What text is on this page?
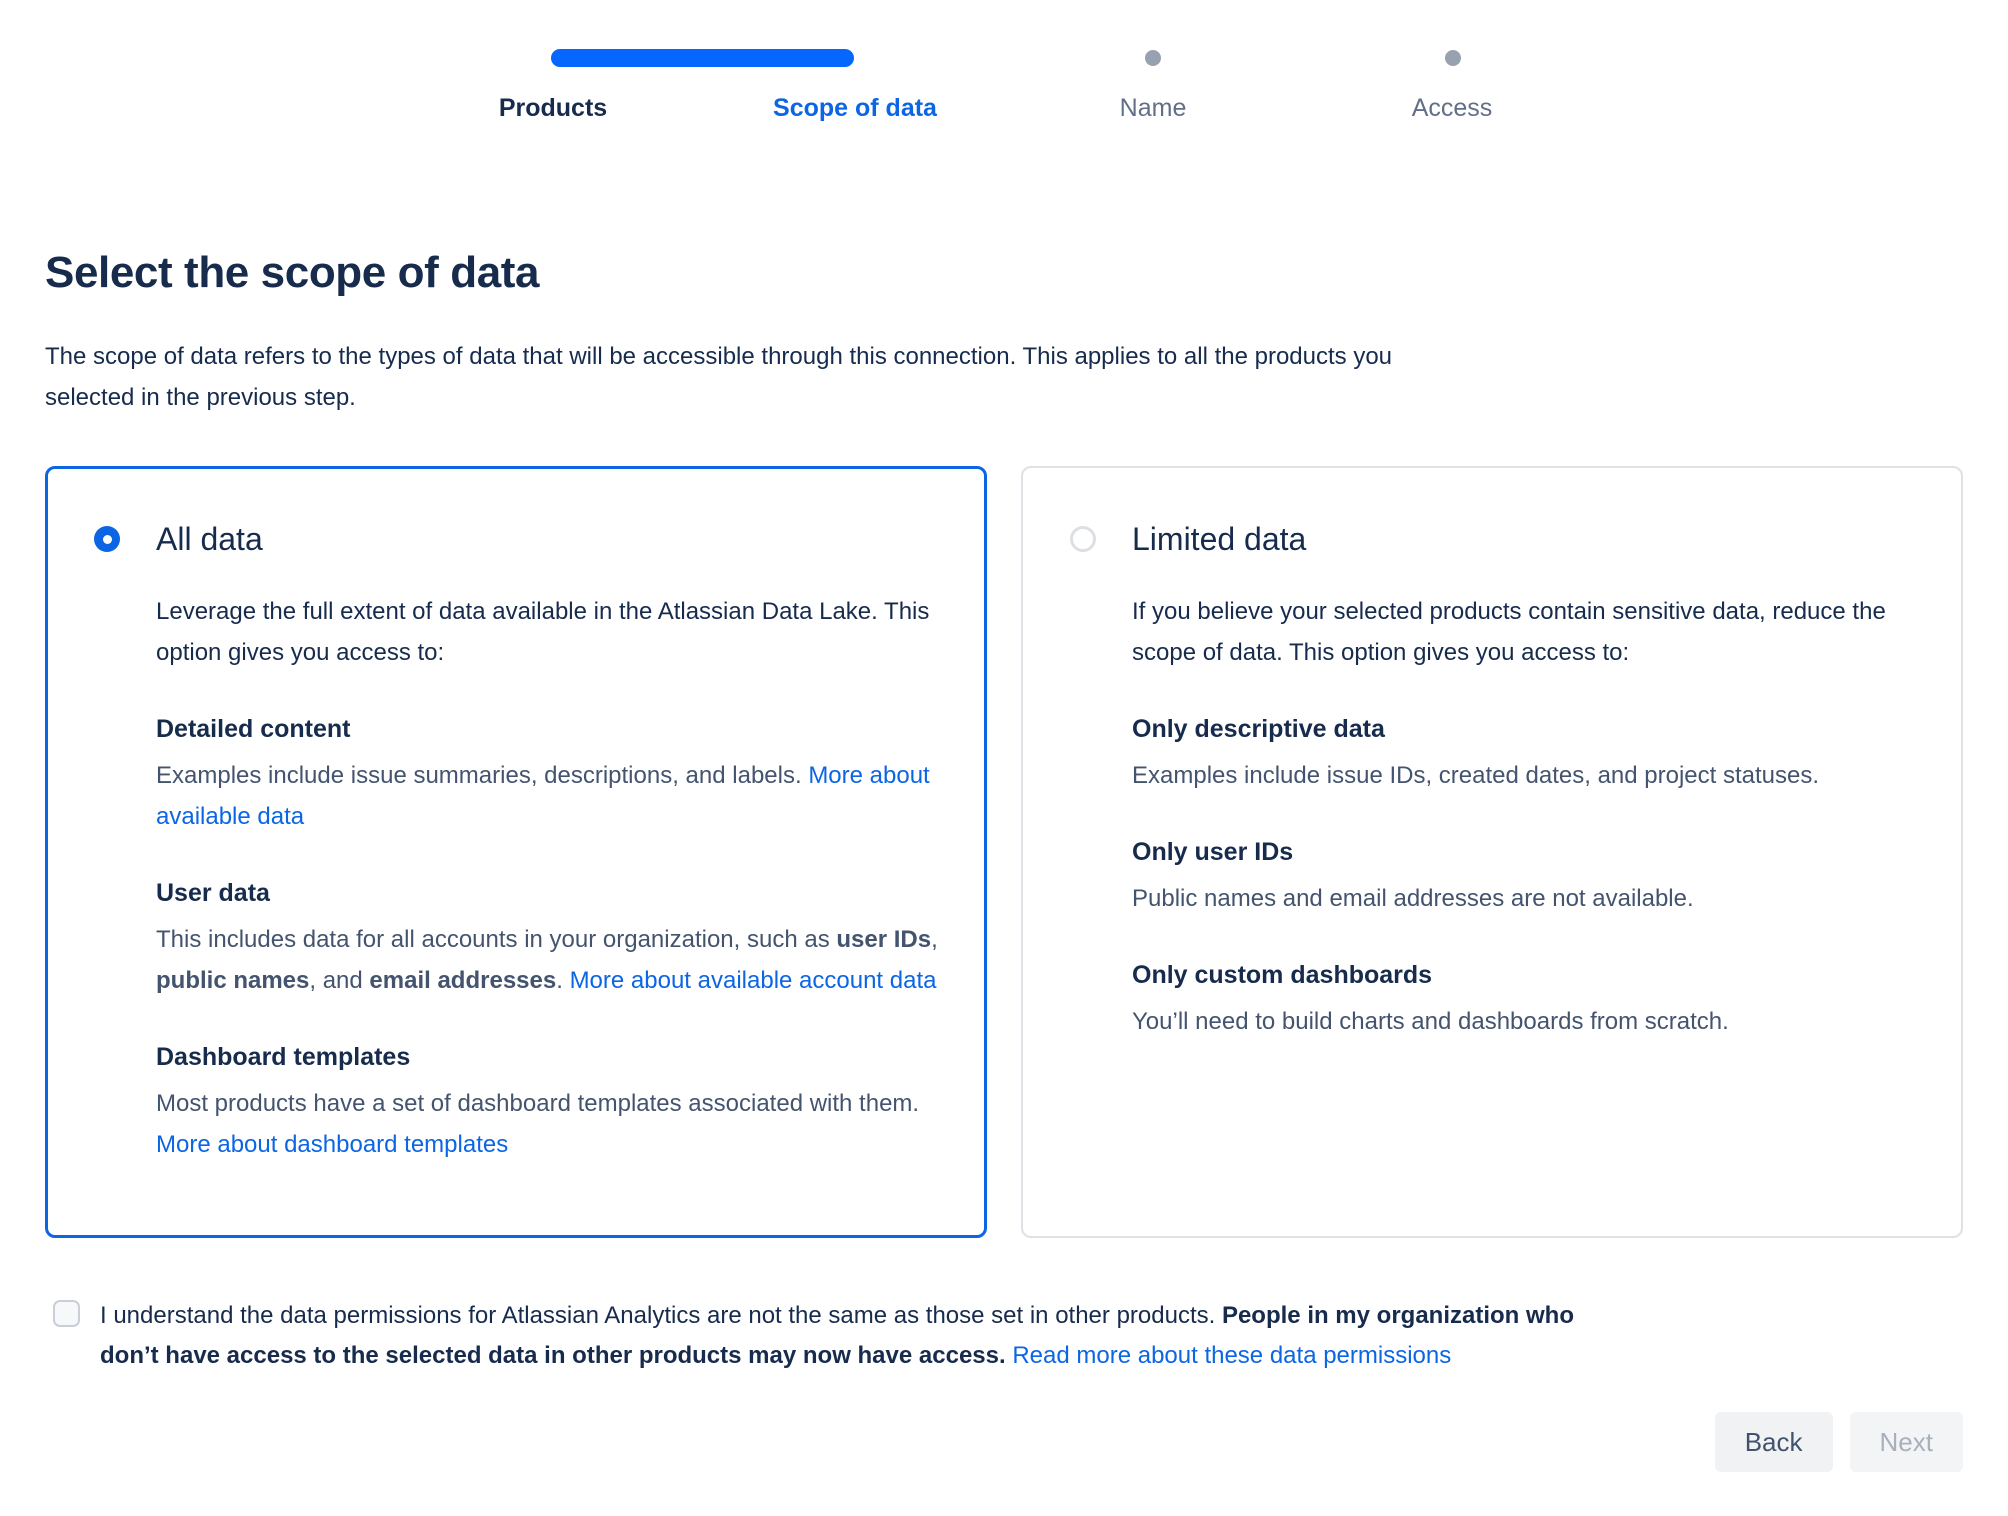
Products	Scope of data	Name	Access
Select the scope of data

The scope of data refers to the types of data that will be accessible through this connection. This applies to all the products you selected in the previous step.

All data

Leverage the full extent of data available in the Atlassian Data Lake. This option gives you access to:

Detailed content

Examples include issue summaries, descriptions, and labels. More about available data

User data

This includes data for all accounts in your organization, such as user IDs, public names, and email addresses. More about available account data

Dashboard templates

Most products have a set of dashboard templates associated with them. More about dashboard templates

Limited data

If you believe your selected products contain sensitive data, reduce the scope of data. This option gives you access to:

Only descriptive data

Examples include issue IDs, created dates, and project statuses.

Only user IDs

Public names and email addresses are not available.

Only custom dashboards

You’ll need to build charts and dashboards from scratch.

I understand the data permissions for Atlassian Analytics are not the same as those set in other products. People in my organization who
don’t have access to the selected data in other products may now have access. Read more about these data permissions
Back	Next
